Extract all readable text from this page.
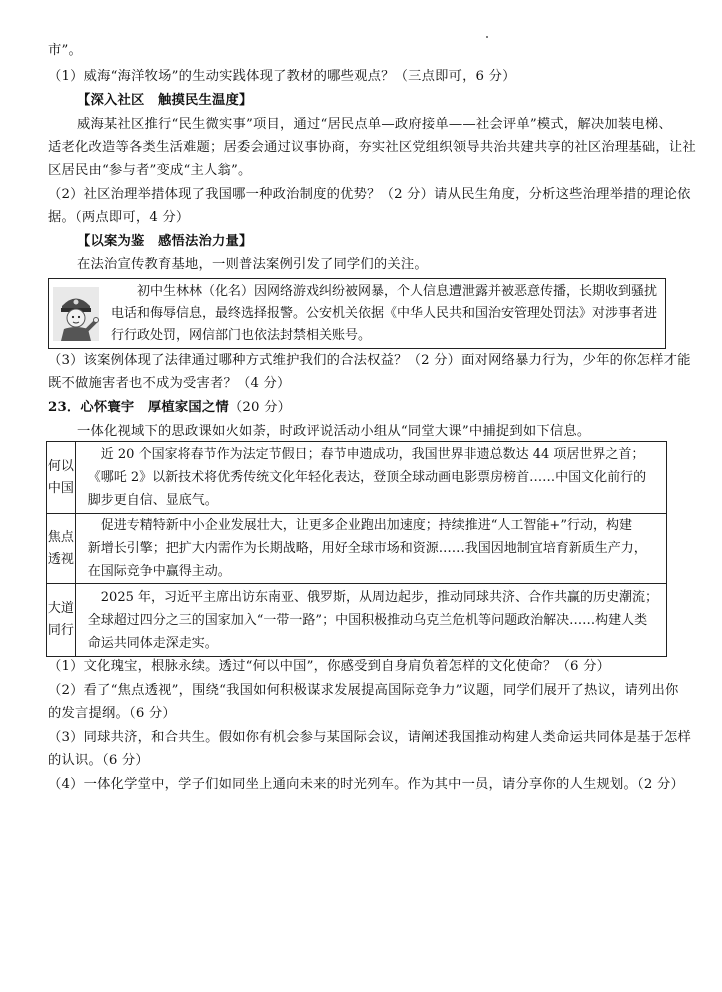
市”。
（1）威海“海洋牧场”的生动实践体现了教材的哪些观点？（三点即可，6 分）
【深入社区　触摸民生温度】
威海某社区推行“民生微实事”项目，通过“居民点单—政府接单——社会评单”模式，解决加装电梯、
适老化改造等各类生活难题；居委会通过议事协商，夯实社区党组织领导共治共建共享的社区治理基础，让社
区居民由“参与者”变成“主人翁”。
（2）社区治理举措体现了我国哪一种政治制度的优势？（2 分）请从民生角度，分析这些治理举措的理论依
据。（两点即可，4 分）
【以案为鉴　感悟法治力量】
在法治宣传教育基地，一则普法案例引发了同学们的关注。
初中生林林（化名）因网络游戏纠纷被网暴，个人信息遭泄露并被恶意传播，长期收到骚扰
电话和侮辱信息，最终选择报警。公安机关依据《中华人民共和国治安管理处罚法》对涉事者进
行行政处罚，网信部门也依法封禁相关账号。
（3）该案例体现了法律通过哪种方式维护我们的合法权益？（2 分）面对网络暴力行为，少年的你怎样才能
既不做施害者也不成为受害者？（4 分）
23．心怀寰宇　厚植家国之情（20 分）
一体化视域下的思政课如火如荼，时政评说活动小组从“同堂大课”中捕捉到如下信息。
何以
中国	　近 20 个国家将春节作为法定节假日；春节申遗成功，我国世界非遗总数达 44 项居世界之首；
《哪吒 2》以新技术将优秀传统文化年轻化表达，登顶全球动画电影票房榜首……中国文化前行的
脚步更自信、显底气。

焦点
透视	　促进专精特新中小企业发展壮大，让更多企业跑出加速度；持续推进“人工智能+”行动，构建
新增长引擎；把扩大内需作为长期战略，用好全球市场和资源……我国因地制宜培育新质生产力，
在国际竞争中赢得主动。

大道
同行	　2025 年，习近平主席出访东南亚、俄罗斯，从周边起步，推动同球共济、合作共赢的历史潮流；
全球超过四分之三的国家加入“一带一路”；中国积极推动乌克兰危机等问题政治解决……构建人类
命运共同体走深走实。
（1）文化瑰宝，根脉永续。透过“何以中国”，你感受到自身肩负着怎样的文化使命？（6 分）
（2）看了“焦点透视”，围绕“我国如何积极谋求发展提高国际竞争力”议题，同学们展开了热议，请列出你
的发言提纲。（6 分）
（3）同球共济，和合共生。假如你有机会参与某国际会议，请阐述我国推动构建人类命运共同体是基于怎样
的认识。（6 分）
（4）一体化学堂中，学子们如同坐上通向未来的时光列车。作为其中一员，请分享你的人生规划。（2 分）
